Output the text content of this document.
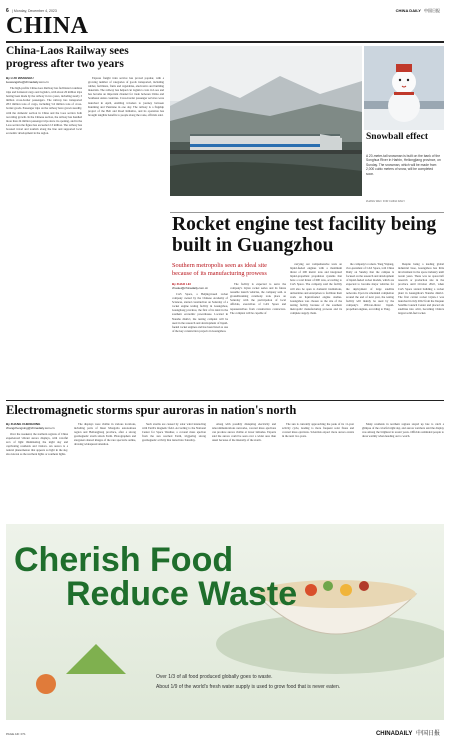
6 | Monday, December 4, 2023	CHINA DAILY 中国日报
CHINA
China-Laos Railway sees progress after two years
By LUO WANGSHU
luowangshu@chinadaily.com.cn

The high-profile China-Laos Railway has facilitated countless trips and bolstered cargo and logistics, with about 26 million trips having been made by the railway in two years, including nearly 3 million cross-border passengers. The railway has transported 28.5 million tons of cargo, including 5.6 million tons of cross-border goods. Passenger trips on the railway have grown steadily, with the domestic section in China and the Laos section both recording growth. In the Chinese section, the railway has handled more than 24 million passenger trips since its opening, and in the Laos section the figure has exceeded 2.3 million. The railway has boosted travel and tourism along the line and supported local economic development in the region.

Express freight train service has proved popular, with a growing number of categories of goods transported, including rubber, fertilizers, fruits and vegetables, electronics and building materials. The railway has helped cut logistics costs in Laos and has become an important channel for trade between China and Southeast Asian countries. Cross-border passenger services were launched in April, enabling travelers to journey between Kunming and Vientiane in one day. The railway is a flagship project of the Belt and Road Initiative, and its operation has brought tangible benefits to people along the route, officials said.

Snowball effect
A 20-meter-tall snowman is built on the bank of the Songhua River in Harbin, Heilongjiang province, on Sunday. The snowman, which will be made from 2,000 cubic meters of snow, will be completed soon.
ZHANG WEI / FOR CHINA DAILY
Rocket engine test facility being built in Guangzhou
Southern metropolis seen as ideal site because of its manufacturing prowess
By ZHAO LEI
zhaolei@chinadaily.com.cn

CAS Space, a Beijing-based rocket company owned by the Chinese Academy of Sciences, started construction on Saturday of a rocket engine testing facility in Guangzhou, Guangdong province, the first of its kind in the southern economic powerhouse. Located in Nansha district, the testing complex will be used in the research and development of liquid-fueled rocket engines and has been listed as one of the key construction projects in Guangzhou.

The facility is expected to serve the company's Lijian rocket series and its future reusable launch vehicles, the company said. A groundbreaking ceremony took place on Saturday with the participation of local officials, executives of CAS Space and representatives from construction contractors. The complex will be capable of

carrying out comprehensive tests on liquid-fueled engines with a maximum thrust of 200 metric tons and integrated liquid-propellant propulsion systems that have a total thrust of 600 tons, according to CAS Space. The company said the facility will also be open to domestic institutions, universities and enterprises to facilitate their work on liquid-fueled engine studies. Guangzhou was chosen as the site of the testing facility because of the southern metropolis' manufacturing prowess and its complete supply chain.

the company's rockets. Yang Yiqiang, vice-president of CAS Space, told China Daily on Sunday that the campus is focused on the research and development of liquid-fueled rocket models, which are expected to become major vehicles for the deployment of large satellite networks. Upon its scheduled completion around the end of next year, the testing facility will mainly be used by the company's 200-ton-thrust liquid-propellant engines, according to Yang.

Despite being a leading global industrial base, Guangzhou has little involvement in the space industry until recent years. There was no spacecraft research or production site in the province until October 2022, when CAS Space started building a rocket plant in Guangzhou's Nansha district. The first carrier rocket Lijian-1 was launched in July 2022 from the Jiuquan Satellite Launch Center and placed six satellites into orbit, becoming China's largest solid-fuel rocket.

Electromagnetic storms spur auroras in nation's north
By ZHANG CHENGXING
zhangchengxing@chinadaily.com.cn

Over the weekend, the northern regions of China experienced vibrant aurora displays, with colorful arcs of light illuminating the night sky and captivating residents and visitors. An aurora is a natural phenomenon that appears as light in the sky, also known as the northern lights or southern lights.

The displays were visible in various locations, including parts of Inner Mongolia autonomous region and Heilongjiang province, after a strong geomagnetic storm struck Earth. Photographers and stargazers shared images of the rare spectacle online, drawing widespread attention.

Such storms are caused by solar wind interacting with Earth's magnetic field. According to the National Center for Space Weather, a coronal mass ejection from the sun reached Earth, triggering strong geomagnetic activity that lasted into Saturday.

Along with possibly disrupting electricity and telecommunications networks, coronal mass ejections can produce aurora visible at lower latitudes. Experts said the aurora could be seen over a wider area than usual because of the intensity of the storm.

The sun is currently approaching the peak of its 11-year activity cycle, leading to more frequent solar flares and coronal mass ejections. Scientists expect more aurora events in the next two years.

Many residents in northern regions stayed up late to catch a glimpse of the colorful night sky, and aurora watchers said the display was among the brightest in recent years. Officials reminded people to dress warmly when heading out to watch.

Cherish Food
Reduce Waste
Over 1/3 of all food produced globally goes to waste.
About 1/9 of the world's fresh water supply is used to grow food that is never eaten.
PAGE AD: 071	CHINADAILY 中国日报
